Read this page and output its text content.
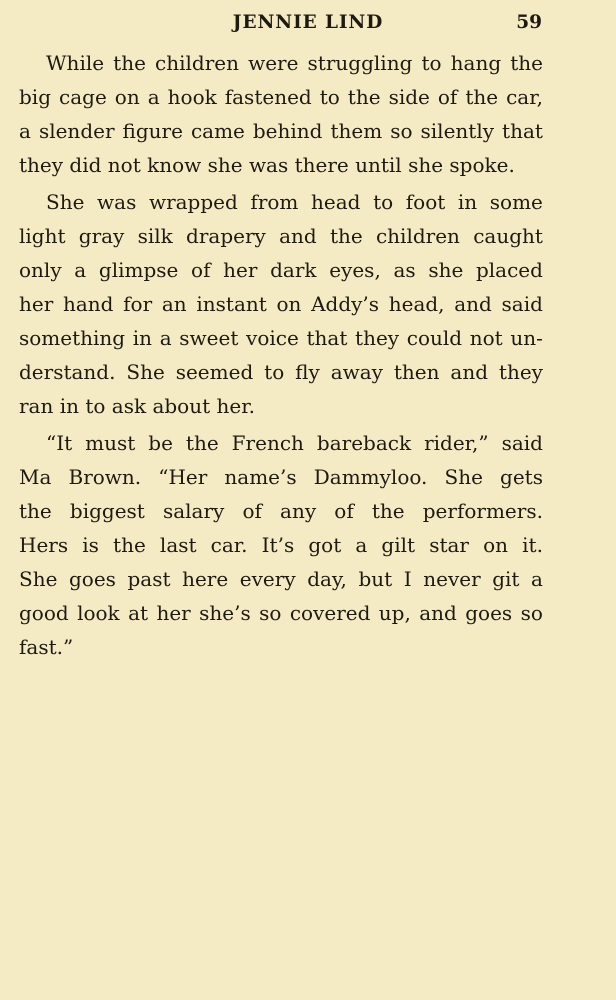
JENNIE LIND	59
While the children were struggling to hang the
big cage on a hook fastened to the side of the car,
a slender figure came behind them so silently that
they did not know she was there until she spoke.
She was wrapped from head to foot in some
light gray silk drapery and the children caught
only a glimpse of her dark eyes, as she placed
her hand for an instant on Addy’s head, and said
something in a sweet voice that they could not un-
derstand. She seemed to fly away then and they
ran in to ask about her.
“It must be the French bareback rider,” said
Ma Brown. “Her name’s Dammyloo. She gets
the biggest salary of any of the performers.
Hers is the last car. It’s got a gilt star on it.
She goes past here every day, but I never git a
good look at her she’s so covered up, and goes so
fast.”
